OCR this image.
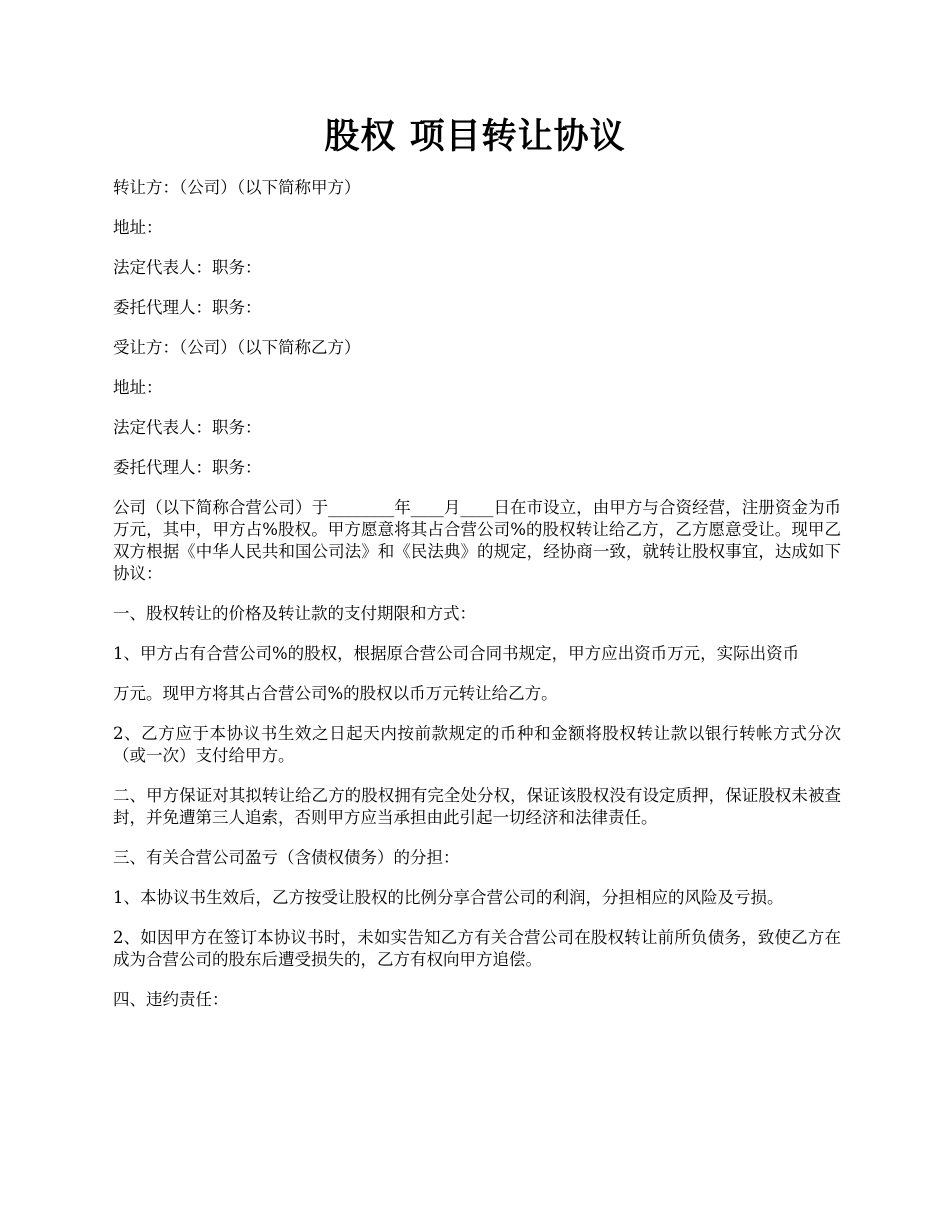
股权 项目转让协议

转让方：（公司）（以下简称甲方）

地址：

法定代表人：职务：

委托代理人：职务：

受让方：（公司）（以下简称乙方）

地址：

法定代表人：职务：

委托代理人：职务：

公司（以下简称合营公司）于________年____月____日在市设立，由甲方与合资经营，注册资金为币万元，其中，甲方占%股权。甲方愿意将其占合营公司%的股权转让给乙方，乙方愿意受让。现甲乙双方根据《中华人民共和国公司法》和《民法典》的规定，经协商一致，就转让股权事宜，达成如下协议：

一、股权转让的价格及转让款的支付期限和方式：

1、甲方占有合营公司%的股权，根据原合营公司合同书规定，甲方应出资币万元，实际出资币

万元。现甲方将其占合营公司%的股权以币万元转让给乙方。

2、乙方应于本协议书生效之日起天内按前款规定的币种和金额将股权转让款以银行转帐方式分次（或一次）支付给甲方。

二、甲方保证对其拟转让给乙方的股权拥有完全处分权，保证该股权没有设定质押，保证股权未被查封，并免遭第三人追索，否则甲方应当承担由此引起一切经济和法律责任。

三、有关合营公司盈亏（含债权债务）的分担：

1、本协议书生效后，乙方按受让股权的比例分享合营公司的利润，分担相应的风险及亏损。

2、如因甲方在签订本协议书时，未如实告知乙方有关合营公司在股权转让前所负债务，致使乙方在成为合营公司的股东后遭受损失的，乙方有权向甲方追偿。

四、违约责任：
